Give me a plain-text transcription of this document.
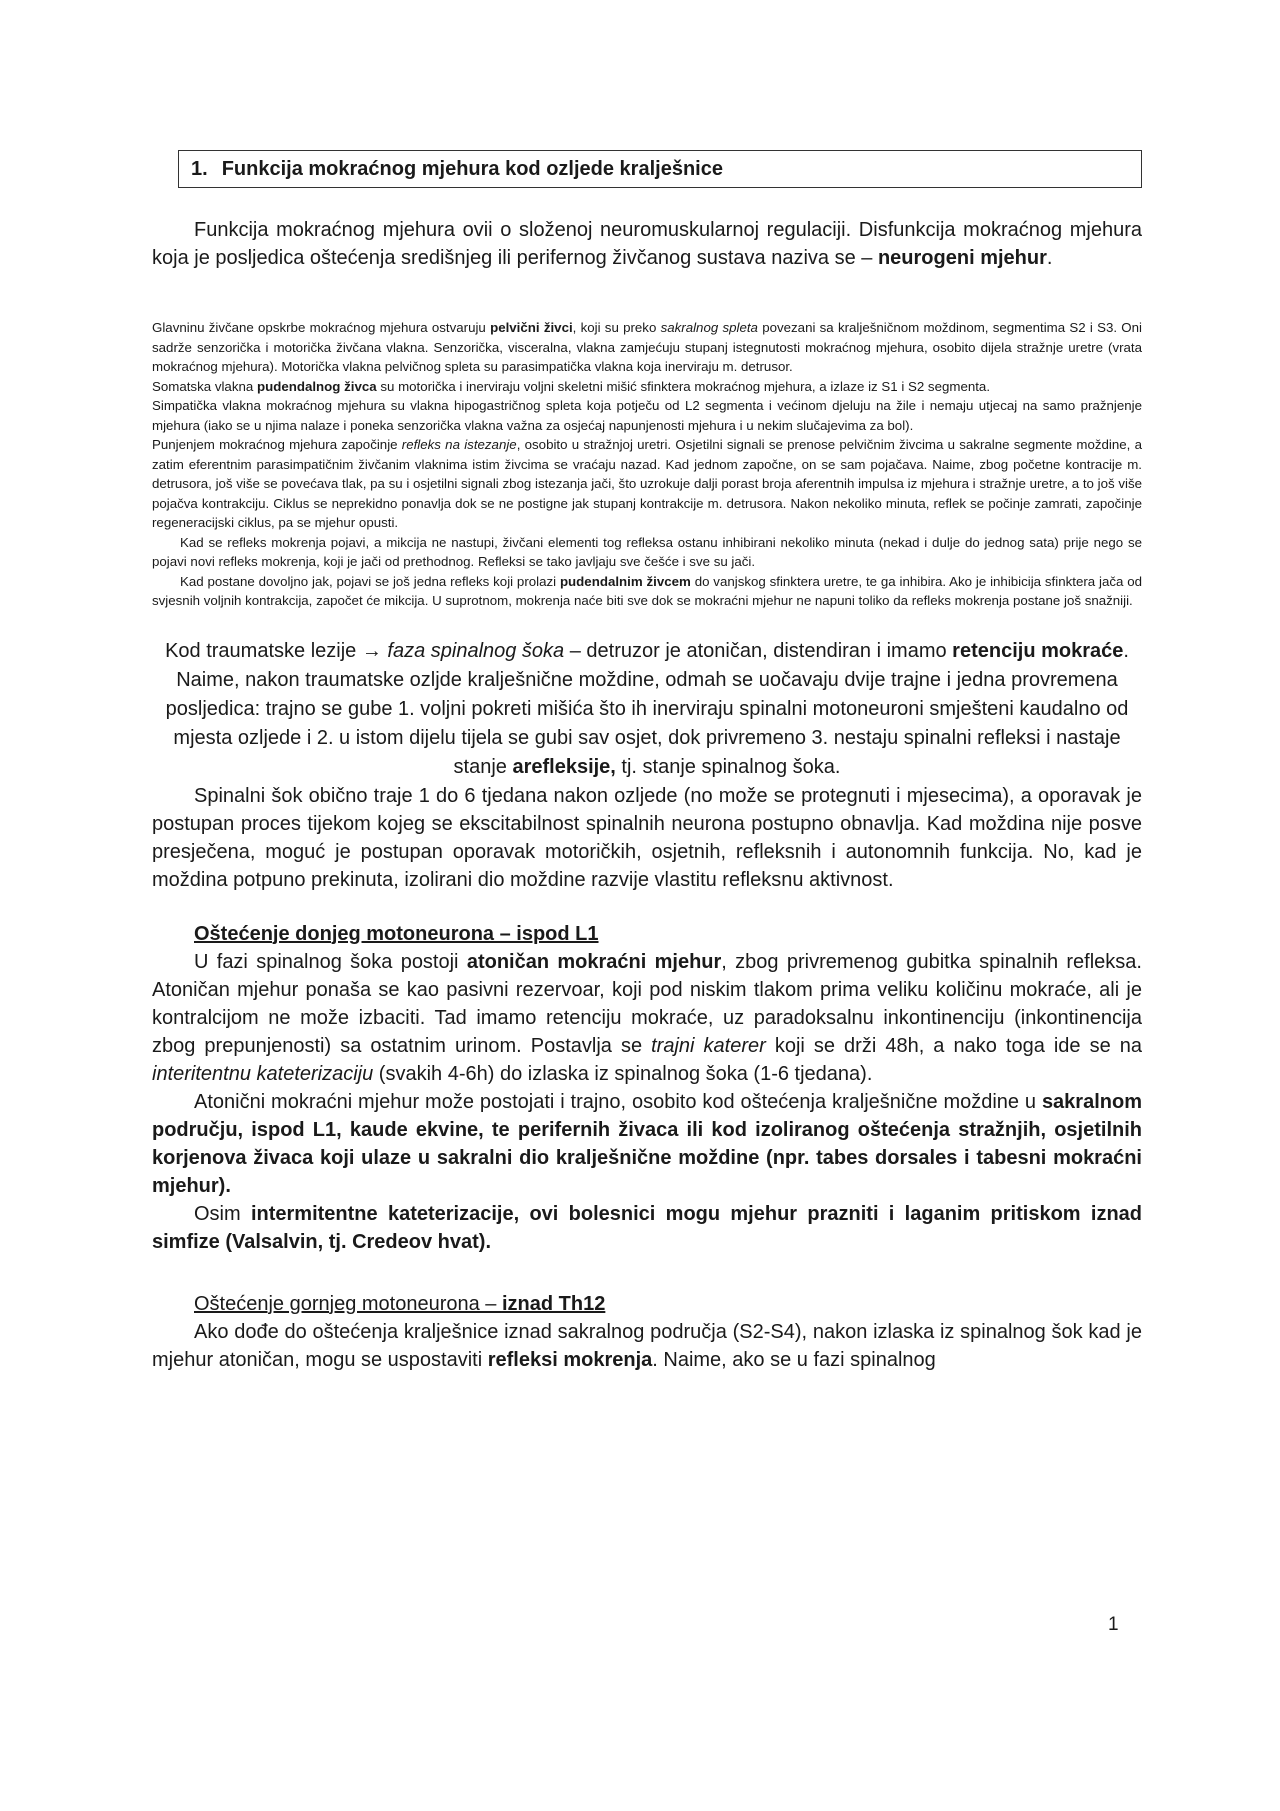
1. Funkcija mokraćnog mjehura kod ozljede kralješnice

Funkcija mokraćnog mjehura ovii o složenoj neuromuskularnoj regulaciji. Disfunkcija mokraćnog mjehura koja je posljedica oštećenja središnjeg ili perifernog živčanog sustava naziva se – neurogeni mjehur.

Glavninu živčane opskrbe mokraćnog mjehura ostvaruju pelvični živci, koji su preko sakralnog spleta povezani sa kralješničnom moždinom, segmentima S2 i S3. Oni sadrže senzorička i motorička živčana vlakna. Senzorička, visceralna, vlakna zamjećuju stupanj istegnutosti mokraćnog mjehura, osobito dijela stražnje uretre (vrata mokraćnog mjehura). Motorička vlakna pelvičnog spleta su parasimpatička vlakna koja inerviraju m. detrusor.

Somatska vlakna pudendalnog živca su motorička i inerviraju voljni skeletni mišić sfinktera mokraćnog mjehura, a izlaze iz S1 i S2 segmenta.

Simpatička vlakna mokraćnog mjehura su vlakna hipogastričnog spleta koja potječu od L2 segmenta i većinom djeluju na žile i nemaju utjecaj na samo pražnjenje mjehura (iako se u njima nalaze i poneka senzorička vlakna važna za osjećaj napunjenosti mjehura i u nekim slučajevima za bol).

Punjenjem mokraćnog mjehura započinje refleks na istezanje, osobito u stražnjoj uretri. Osjetilni signali se prenose pelvičnim živcima u sakralne segmente moždine, a zatim eferentnim parasimpatičnim živčanim vlaknima istim živcima se vraćaju nazad. Kad jednom započne, on se sam pojačava. Naime, zbog početne kontracije m. detrusora, još više se povećava tlak, pa su i osjetilni signali zbog istezanja jači, što uzrokuje dalji porast broja aferentnih impulsa iz mjehura i stražnje uretre, a to još više pojačva kontrakciju. Ciklus se neprekidno ponavlja dok se ne postigne jak stupanj kontrakcije m. detrusora. Nakon nekoliko minuta, reflek se počinje zamrati, započinje regeneracijski ciklus, pa se mjehur opusti.

Kad se refleks mokrenja pojavi, a mikcija ne nastupi, živčani elementi tog refleksa ostanu inhibirani nekoliko minuta (nekad i dulje do jednog sata) prije nego se pojavi novi refleks mokrenja, koji je jači od prethodnog. Refleksi se tako javljaju sve češće i sve su jači.

Kad postane dovoljno jak, pojavi se još jedna refleks koji prolazi pudendalnim živcem do vanjskog sfinktera uretre, te ga inhibira. Ako je inhibicija sfinktera jača od svjesnih voljnih kontrakcija, započet će mikcija. U suprotnom, mokrenja naće biti sve dok se mokraćni mjehur ne napuni toliko da refleks mokrenja postane još snažniji.

Kod traumatske lezije → faza spinalnog šoka – detruzor je atoničan, distendiran i imamo retenciju mokraće. Naime, nakon traumatske ozljde kralješnične moždine, odmah se uočavaju dvije trajne i jedna provremena posljedica: trajno se gube 1. voljni pokreti mišića što ih inerviraju spinalni motoneuroni smješteni kaudalno od mjesta ozljede i 2. u istom dijelu tijela se gubi sav osjet, dok privremeno 3. nestaju spinalni refleksi i nastaje stanje arefleksije, tj. stanje spinalnog šoka.

Spinalni šok obično traje 1 do 6 tjedana nakon ozljede (no može se protegnuti i mjesecima), a oporavak je postupan proces tijekom kojeg se ekscitabilnost spinalnih neurona postupno obnavlja. Kad moždina nije posve presječena, moguć je postupan oporavak motoričkih, osjetnih, refleksnih i autonomnih funkcija. No, kad je moždina potpuno prekinuta, izolirani dio moždine razvije vlastitu refleksnu aktivnost.

Oštećenje donjeg motoneurona – ispod L1

U fazi spinalnog šoka postoji atoničan mokraćni mjehur, zbog privremenog gubitka spinalnih refleksa. Atoničan mjehur ponaša se kao pasivni rezervoar, koji pod niskim tlakom prima veliku količinu mokraće, ali je kontralcijom ne može izbaciti. Tad imamo retenciju mokraće, uz paradoksalnu inkontinenciju (inkontinencija zbog prepunjenosti) sa ostatnim urinom. Postavlja se trajni katerer koji se drži 48h, a nako toga ide se na interitentnu kateterizaciju (svakih 4-6h) do izlaska iz spinalnog šoka (1-6 tjedana).

Atonični mokraćni mjehur može postojati i trajno, osobito kod oštećenja kralješnične moždine u sakralnom području, ispod L1, kaude ekvine, te perifernih živaca ili kod izoliranog oštećenja stražnjih, osjetilnih korjenova živaca koji ulaze u sakralni dio kralješnične moždine (npr. tabes dorsales i tabesni mokraćni mjehur).

Osim intermitentne kateterizacije, ovi bolesnici mogu mjehur prazniti i laganim pritiskom iznad simfize (Valsalvin, tj. Credeov hvat).

Oštećenje gornjeg motoneurona – iznad Th12

Ako dođe do oštećenja kralješnice iznad sakralnog područja (S2-S4), nakon izlaska iz spinalnog šok kad je mjehur atoničan, mogu se uspostaviti refleksi mokrenja. Naime, ako se u fazi spinalnog

1
